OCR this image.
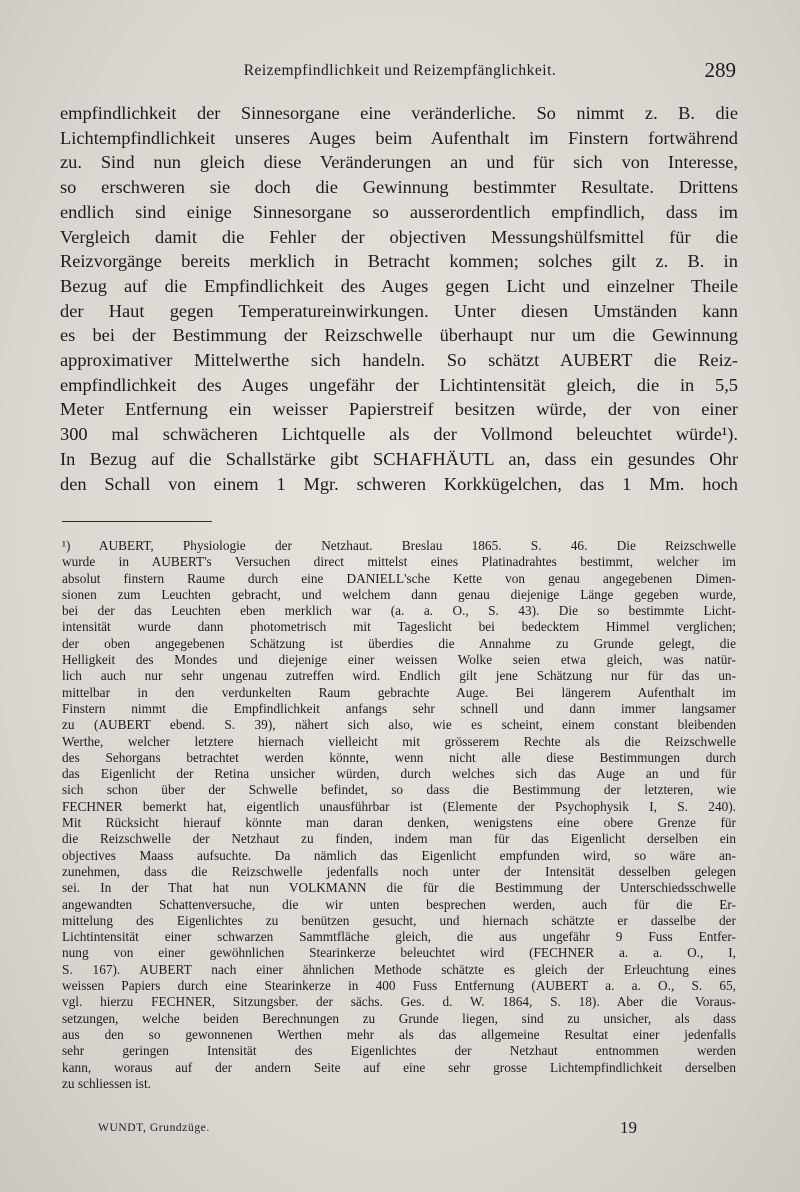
Reizempfindlichkeit und Reizempfänglichkeit.	289
empfindlichkeit der Sinnesorgane eine veränderliche. So nimmt z. B. die
Lichtempfindlichkeit unseres Auges beim Aufenthalt im Finstern fortwährend
zu. Sind nun gleich diese Veränderungen an und für sich von Interesse,
so erschweren sie doch die Gewinnung bestimmter Resultate. Drittens
endlich sind einige Sinnesorgane so ausserordentlich empfindlich, dass im
Vergleich damit die Fehler der objectiven Messungshülfsmittel für die
Reizvorgänge bereits merklich in Betracht kommen; solches gilt z. B. in
Bezug auf die Empfindlichkeit des Auges gegen Licht und einzelner Theile
der Haut gegen Temperatureinwirkungen. Unter diesen Umständen kann
es bei der Bestimmung der Reizschwelle überhaupt nur um die Gewinnung
approximativer Mittelwerthe sich handeln. So schätzt AUBERT die Reiz-
empfindlichkeit des Auges ungefähr der Lichtintensität gleich, die in 5,5
Meter Entfernung ein weisser Papierstreif besitzen würde, der von einer
300 mal schwächeren Lichtquelle als der Vollmond beleuchtet würde¹).
In Bezug auf die Schallstärke gibt SCHAFHÄUTL an, dass ein gesundes Ohr
den Schall von einem 1 Mgr. schweren Korkkügelchen, das 1 Mm. hoch
¹) AUBERT, Physiologie der Netzhaut. Breslau 1865. S. 46. Die Reizschwelle
wurde in AUBERT's Versuchen direct mittelst eines Platinadrahtes bestimmt, welcher im
absolut finstern Raume durch eine DANIELL'sche Kette von genau angegebenen Dimen-
sionen zum Leuchten gebracht, und welchem dann genau diejenige Länge gegeben wurde,
bei der das Leuchten eben merklich war (a. a. O., S. 43). Die so bestimmte Licht-
intensität wurde dann photometrisch mit Tageslicht bei bedecktem Himmel verglichen;
der oben angegebenen Schätzung ist überdies die Annahme zu Grunde gelegt, die
Helligkeit des Mondes und diejenige einer weissen Wolke seien etwa gleich, was natür-
lich auch nur sehr ungenau zutreffen wird. Endlich gilt jene Schätzung nur für das un-
mittelbar in den verdunkelten Raum gebrachte Auge. Bei längerem Aufenthalt im
Finstern nimmt die Empfindlichkeit anfangs sehr schnell und dann immer langsamer
zu (AUBERT ebend. S. 39), nähert sich also, wie es scheint, einem constant bleibenden
Werthe, welcher letztere hiernach vielleicht mit grösserem Rechte als die Reizschwelle
des Sehorgans betrachtet werden könnte, wenn nicht alle diese Bestimmungen durch
das Eigenlicht der Retina unsicher würden, durch welches sich das Auge an und für
sich schon über der Schwelle befindet, so dass die Bestimmung der letzteren, wie
FECHNER bemerkt hat, eigentlich unausführbar ist (Elemente der Psychophysik I, S. 240).
Mit Rücksicht hierauf könnte man daran denken, wenigstens eine obere Grenze für
die Reizschwelle der Netzhaut zu finden, indem man für das Eigenlicht derselben ein
objectives Maass aufsuchte. Da nämlich das Eigenlicht empfunden wird, so wäre an-
zunehmen, dass die Reizschwelle jedenfalls noch unter der Intensität desselben gelegen
sei. In der That hat nun VOLKMANN die für die Bestimmung der Unterschiedsschwelle
angewandten Schattenversuche, die wir unten besprechen werden, auch für die Er-
mittelung des Eigenlichtes zu benützen gesucht, und hiernach schätzte er dasselbe der
Lichtintensität einer schwarzen Sammtfläche gleich, die aus ungefähr 9 Fuss Entfer-
nung von einer gewöhnlichen Stearinkerze beleuchtet wird (FECHNER a. a. O., I,
S. 167). AUBERT nach einer ähnlichen Methode schätzte es gleich der Erleuchtung eines
weissen Papiers durch eine Stearinkerze in 400 Fuss Entfernung (AUBERT a. a. O., S. 65,
vgl. hierzu FECHNER, Sitzungsber. der sächs. Ges. d. W. 1864, S. 18). Aber die Voraus-
setzungen, welche beiden Berechnungen zu Grunde liegen, sind zu unsicher, als dass
aus den so gewonnenen Werthen mehr als das allgemeine Resultat einer jedenfalls
sehr geringen Intensität des Eigenlichtes der Netzhaut entnommen werden
kann, woraus auf der andern Seite auf eine sehr grosse Lichtempfindlichkeit derselben
zu schliessen ist.
WUNDT, Grundzüge.	19
